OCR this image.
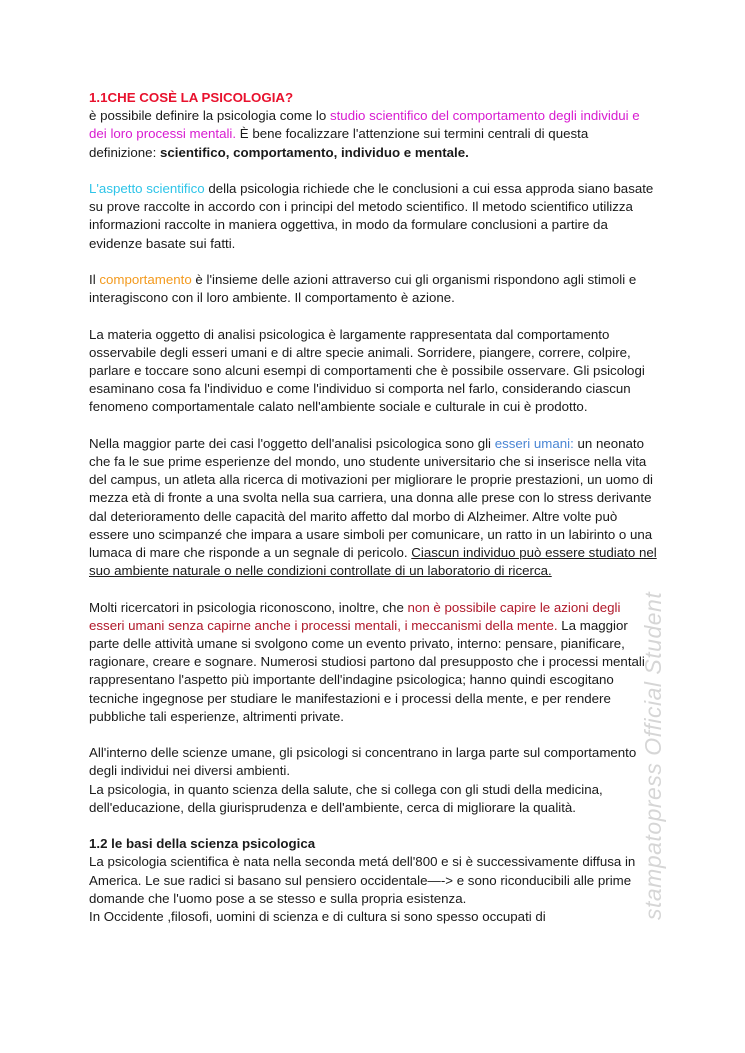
1.1CHE COSÈ LA PSICOLOGIA?

è possibile definire la psicologia come lo studio scientifico del comportamento degli individui e dei loro processi mentali. È bene focalizzare l'attenzione sui termini centrali di questa definizione: scientifico, comportamento, individuo e mentale.

L'aspetto scientifico della psicologia richiede che le conclusioni a cui essa approda siano basate su prove raccolte in accordo con i principi del metodo scientifico. Il metodo scientifico utilizza informazioni raccolte in maniera oggettiva, in modo da formulare conclusioni a partire da evidenze basate sui fatti.

Il comportamento è l'insieme delle azioni attraverso cui gli organismi rispondono agli stimoli e interagiscono con il loro ambiente. Il comportamento è azione.

La materia oggetto di analisi psicologica è largamente rappresentata dal comportamento osservabile degli esseri umani e di altre specie animali. Sorridere, piangere, correre, colpire, parlare e toccare sono alcuni esempi di comportamenti che è possibile osservare. Gli psicologi esaminano cosa fa l'individuo e come l'individuo si comporta nel farlo, considerando ciascun fenomeno comportamentale calato nell'ambiente sociale e culturale in cui è prodotto.

Nella maggior parte dei casi l'oggetto dell'analisi psicologica sono gli esseri umani: un neonato che fa le sue prime esperienze del mondo, uno studente universitario che si inserisce nella vita del campus, un atleta alla ricerca di motivazioni per migliorare le proprie prestazioni, un uomo di mezza età di fronte a una svolta nella sua carriera, una donna alle prese con lo stress derivante dal deterioramento delle capacità del marito affetto dal morbo di Alzheimer. Altre volte può essere uno scimpanzé che impara a usare simboli per comunicare, un ratto in un labirinto o una lumaca di mare che risponde a un segnale di pericolo. Ciascun individuo può essere studiato nel suo ambiente naturale o nelle condizioni controllate di un laboratorio di ricerca.

Molti ricercatori in psicologia riconoscono, inoltre, che non è possibile capire le azioni degli esseri umani senza capirne anche i processi mentali, i meccanismi della mente. La maggior parte delle attività umane si svolgono come un evento privato, interno: pensare, pianificare, ragionare, creare e sognare. Numerosi studiosi partono dal presupposto che i processi mentali rappresentano l'aspetto più importante dell'indagine psicologica; hanno quindi escogitano tecniche ingegnose per studiare le manifestazioni e i processi della mente, e per rendere pubbliche tali esperienze, altrimenti private.

All'interno delle scienze umane, gli psicologi si concentrano in larga parte sul comportamento degli individui nei diversi ambienti.

La psicologia, in quanto scienza della salute, che si collega con gli studi della medicina, dell'educazione, della giurisprudenza e dell'ambiente, cerca di migliorare la qualità.

1.2 le basi della scienza psicologica

La psicologia scientifica è nata nella seconda metá dell'800 e si è successivamente diffusa in America. Le sue radici si basano sul pensiero occidentale—-> e sono riconducibili alle prime domande che l'uomo pose a se stesso e sulla propria esistenza.

In Occidente ,filosofi, uomini di scienza e di cultura si sono spesso occupati di	stampatopress Official Student
